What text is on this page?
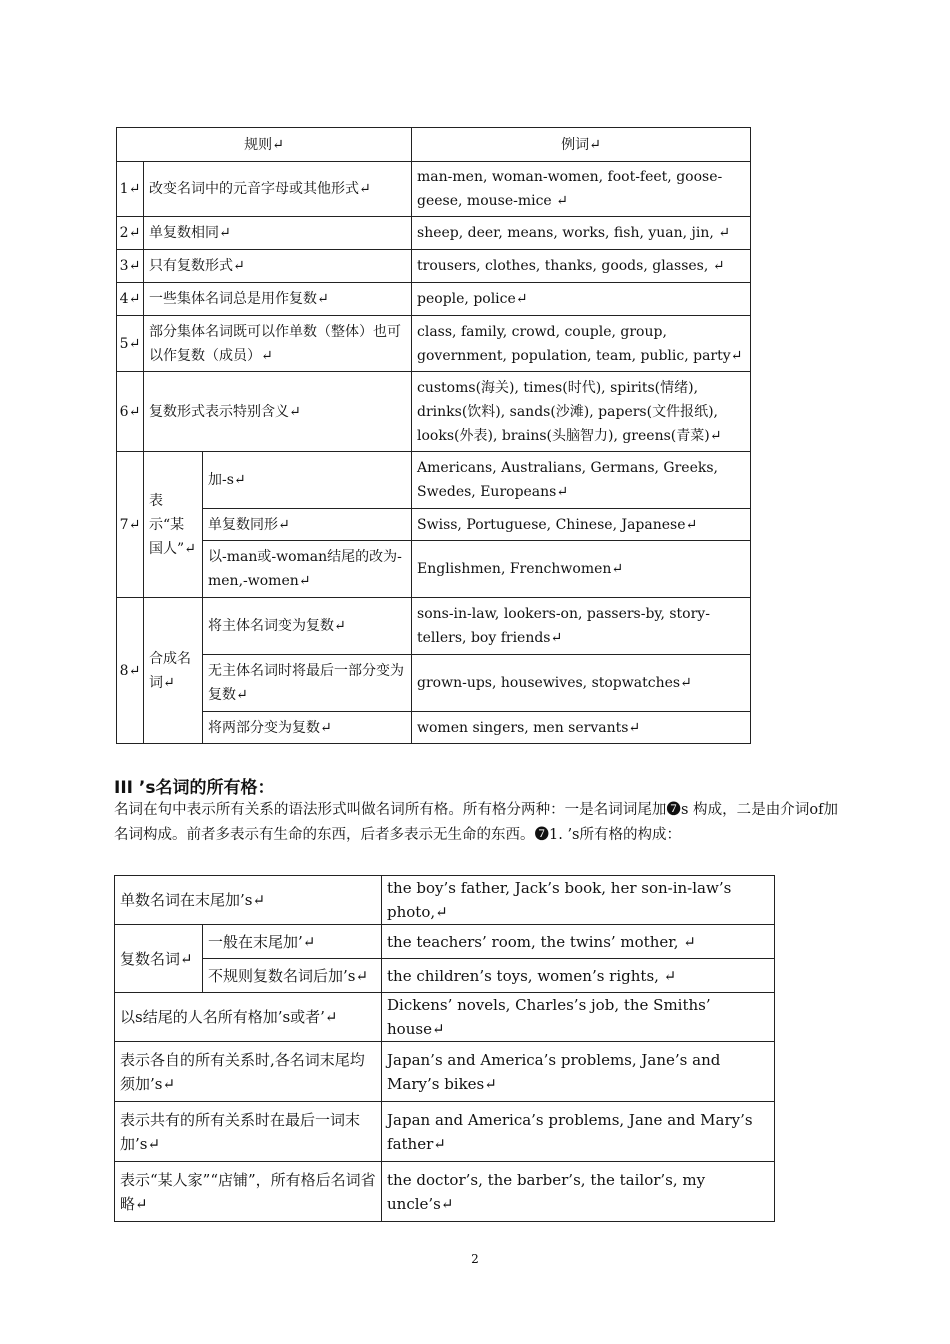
规则↵			例词↵
1↵	改变名词中的元音字母或其他形式↵		man-men, woman-women, foot-feet, goose-geese, mouse-mice ↵
2↵	单复数相同↵		sheep, deer, means, works, fish, yuan, jin, ↵
3↵	只有复数形式↵		trousers, clothes, thanks, goods, glasses, ↵
4↵	一些集体名词总是用作复数↵		people, police↵
5↵	部分集体名词既可以作单数（整体）也可以作复数（成员）↵		class, family, crowd, couple, group, government, population, team, public, party↵
6↵	复数形式表示特别含义↵		customs(海关), times(时代), spirits(情绪), drinks(饮料), sands(沙滩), papers(文件报纸), looks(外表), brains(头脑智力), greens(青菜)↵
7↵	表示“某国人”↵	加-s↵	Americans, Australians, Germans, Greeks, Swedes, Europeans↵
		单复数同形↵	Swiss, Portuguese, Chinese, Japanese↵
		以-man或-woman结尾的改为-men,-women↵	Englishmen, Frenchwomen↵
8↵	合成名词↵	将主体名词变为复数↵	sons-in-law, lookers-on, passers-by, story-tellers, boy friends↵
		无主体名词时将最后一部分变为复数↵	grown-ups, housewives, stopwatches↵
		将两部分变为复数↵	women singers, men servants↵
III ’s名词的所有格：

名词在句中表示所有关系的语法形式叫做名词所有格。所有格分两种：一是名词词尾加❼s 构成，二是由介词of加名词构成。前者多表示有生命的东西，后者多表示无生命的东西。❼1. ’s所有格的构成：

单数名词在末尾加’s↵		the boy’s father, Jack’s book, her son-in-law’s photo,↵
复数名词↵	一般在末尾加’↵	the teachers’ room, the twins’ mother, ↵
	不规则复数名词后加’s↵	the children’s toys, women’s rights, ↵
以s结尾的人名所有格加’s或者’↵		Dickens’ novels, Charles’s job, the Smiths’ house↵
表示各自的所有关系时,各名词末尾均须加’s↵		Japan’s and America’s problems, Jane’s and Mary’s bikes↵
表示共有的所有关系时在最后一词末加’s↵		Japan and America’s problems, Jane and Mary’s father↵
表示“某人家”“店铺”，所有格后名词省略↵		the doctor’s, the barber’s, the tailor’s, my uncle’s↵
2
